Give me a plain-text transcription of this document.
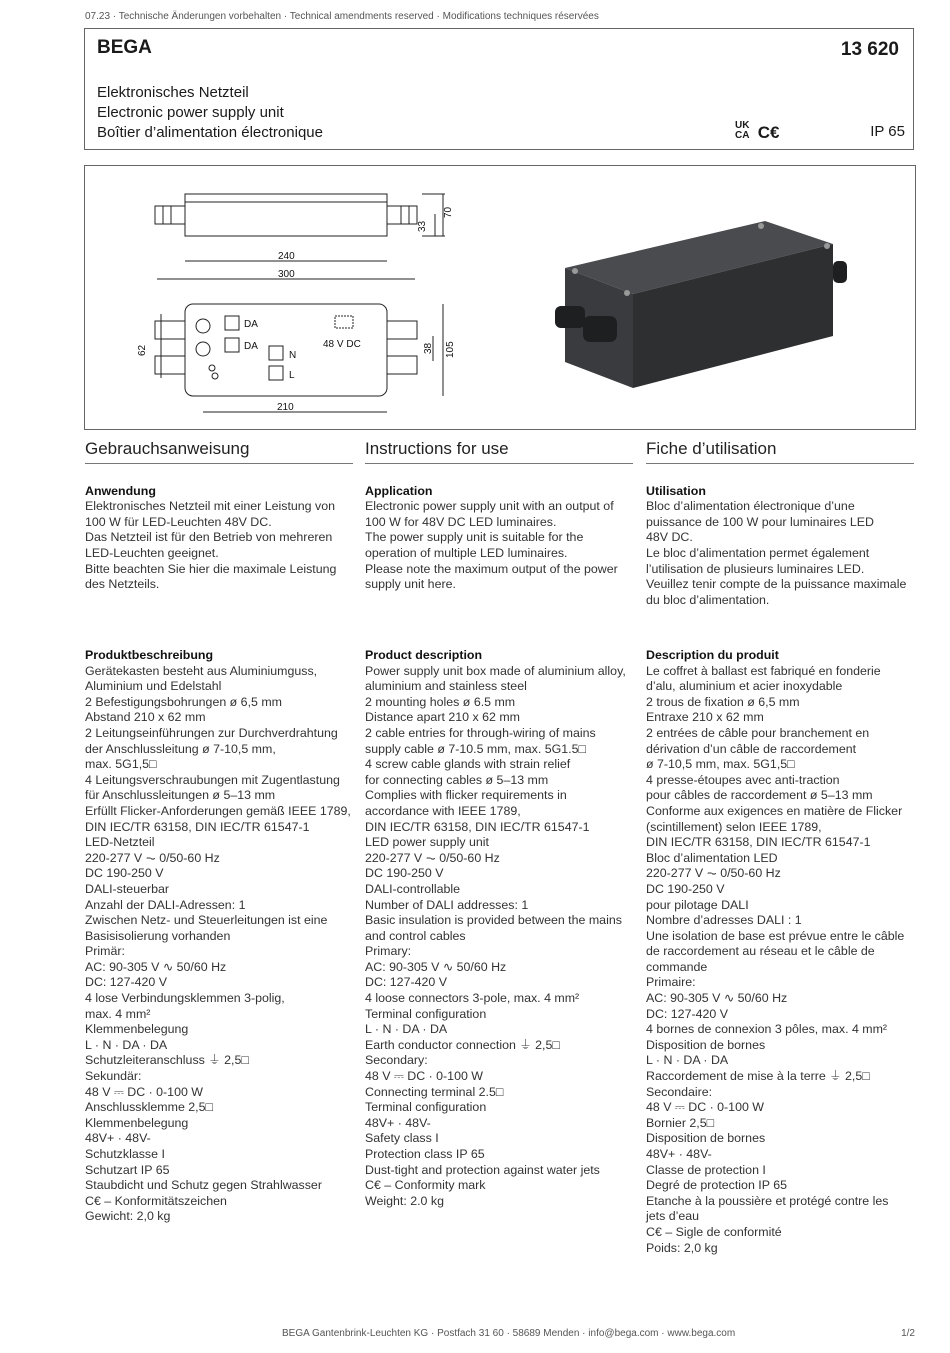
07.23 · Technische Änderungen vorbehalten · Technical amendments reserved · Modifications techniques réservées
BEGA	13 620
Elektronisches Netzteil
Electronic power supply unit
Boîtier d’alimentation électronique	UK CA C€	IP 65
240
300
33
70
62	38 105
210
DA
DA
N
L
48 V DC
Gebrauchsanweisung
Anwendung

Elektronisches Netzteil mit einer Leistung von

100 W für LED-Leuchten 48V DC.

Das Netzteil ist für den Betrieb von mehreren

LED-Leuchten geeignet.

Bitte beachten Sie hier die maximale Leistung

des Netzteils.

Produktbeschreibung

Gerätekasten besteht aus Aluminiumguss,

Aluminium und Edelstahl

2 Befestigungsbohrungen ø 6,5 mm

Abstand 210 x 62 mm

2 Leitungseinführungen zur Durchverdrahtung

der Anschlussleitung ø 7-10,5 mm,

max. 5G1,5□

4 Leitungsverschraubungen mit Zugentlastung

für Anschlussleitungen ø 5–13 mm

Erfüllt Flicker-Anforderungen gemäß IEEE 1789,

DIN IEC/TR 63158, DIN IEC/TR 61547-1

LED-Netzteil

220-277 V ⏦ 0/50-60 Hz

DC 190-250 V

DALI-steuerbar

Anzahl der DALI-Adressen: 1

Zwischen Netz- und Steuerleitungen ist eine

Basisisolierung vorhanden

Primär:

AC: 90-305 V ∿ 50/60 Hz

DC: 127-420 V

4 lose Verbindungsklemmen 3-polig,

max. 4 mm²

Klemmenbelegung

L · N · DA · DA

Schutzleiteranschluss ⏚ 2,5□

Sekundär:

48 V ⎓ DC · 0-100 W

Anschlussklemme 2,5□

Klemmenbelegung

48V+ · 48V-

Schutzklasse I

Schutzart IP 65

Staubdicht und Schutz gegen Strahlwasser

C€ – Konformitätszeichen

Gewicht: 2,0 kg

Instructions for use
Application

Electronic power supply unit with an output of

100 W for 48V DC LED luminaires.

The power supply unit is suitable for the

operation of multiple LED luminaires.

Please note the maximum output of the power

supply unit here.

Product description

Power supply unit box made of aluminium alloy,

aluminium and stainless steel

2 mounting holes ø 6.5 mm

Distance apart 210 x 62 mm

2 cable entries for through-wiring of mains

supply cable ø 7-10.5 mm, max. 5G1.5□

4 screw cable glands with strain relief

for connecting cables ø 5–13 mm

Complies with flicker requirements in

accordance with IEEE 1789,

DIN IEC/TR 63158, DIN IEC/TR 61547-1

LED power supply unit

220-277 V ⏦ 0/50-60 Hz

DC 190-250 V

DALI-controllable

Number of DALI addresses: 1

Basic insulation is provided between the mains

and control cables

Primary:

AC: 90-305 V ∿ 50/60 Hz

DC: 127-420 V

4 loose connectors 3-pole, max. 4 mm²

Terminal configuration

L · N · DA · DA

Earth conductor connection ⏚ 2,5□

Secondary:

48 V ⎓ DC · 0-100 W

Connecting terminal 2.5□

Terminal configuration

48V+ · 48V-

Safety class I

Protection class IP 65

Dust-tight and protection against water jets

C€ – Conformity mark

Weight: 2.0 kg

Fiche d’utilisation
Utilisation

Bloc d’alimentation électronique d’une

puissance de 100 W pour luminaires LED

48V DC.

Le bloc d’alimentation permet également

l’utilisation de plusieurs luminaires LED.

Veuillez tenir compte de la puissance maximale

du bloc d’alimentation.

Description du produit

Le coffret à ballast est fabriqué en fonderie

d’alu, aluminium et acier inoxydable

2 trous de fixation ø 6,5 mm

Entraxe 210 x 62 mm

2 entrées de câble pour branchement en

dérivation d’un câble de raccordement

ø 7-10,5 mm, max. 5G1,5□

4 presse-étoupes avec anti-traction

pour câbles de raccordement ø 5–13 mm

Conforme aux exigences en matière de Flicker

(scintillement) selon IEEE 1789,

DIN IEC/TR 63158, DIN IEC/TR 61547-1

Bloc d’alimentation LED

220-277 V ⏦ 0/50-60 Hz

DC 190-250 V

pour pilotage DALI

Nombre d’adresses DALI : 1

Une isolation de base est prévue entre le câble

de raccordement au réseau et le câble de

commande

Primaire:

AC: 90-305 V ∿ 50/60 Hz

DC: 127-420 V

4 bornes de connexion 3 pôles, max. 4 mm²

Disposition de bornes

L · N · DA · DA

Raccordement de mise à la terre ⏚ 2,5□

Secondaire:

48 V ⎓ DC · 0-100 W

Bornier 2,5□

Disposition de bornes

48V+ · 48V-

Classe de protection I

Degré de protection IP 65

Etanche à la poussière et protégé contre les

jets d’eau

C€ – Sigle de conformité

Poids: 2,0 kg

BEGA Gantenbrink-Leuchten KG · Postfach 31 60 · 58689 Menden · info@bega.com · www.bega.com	1/2
